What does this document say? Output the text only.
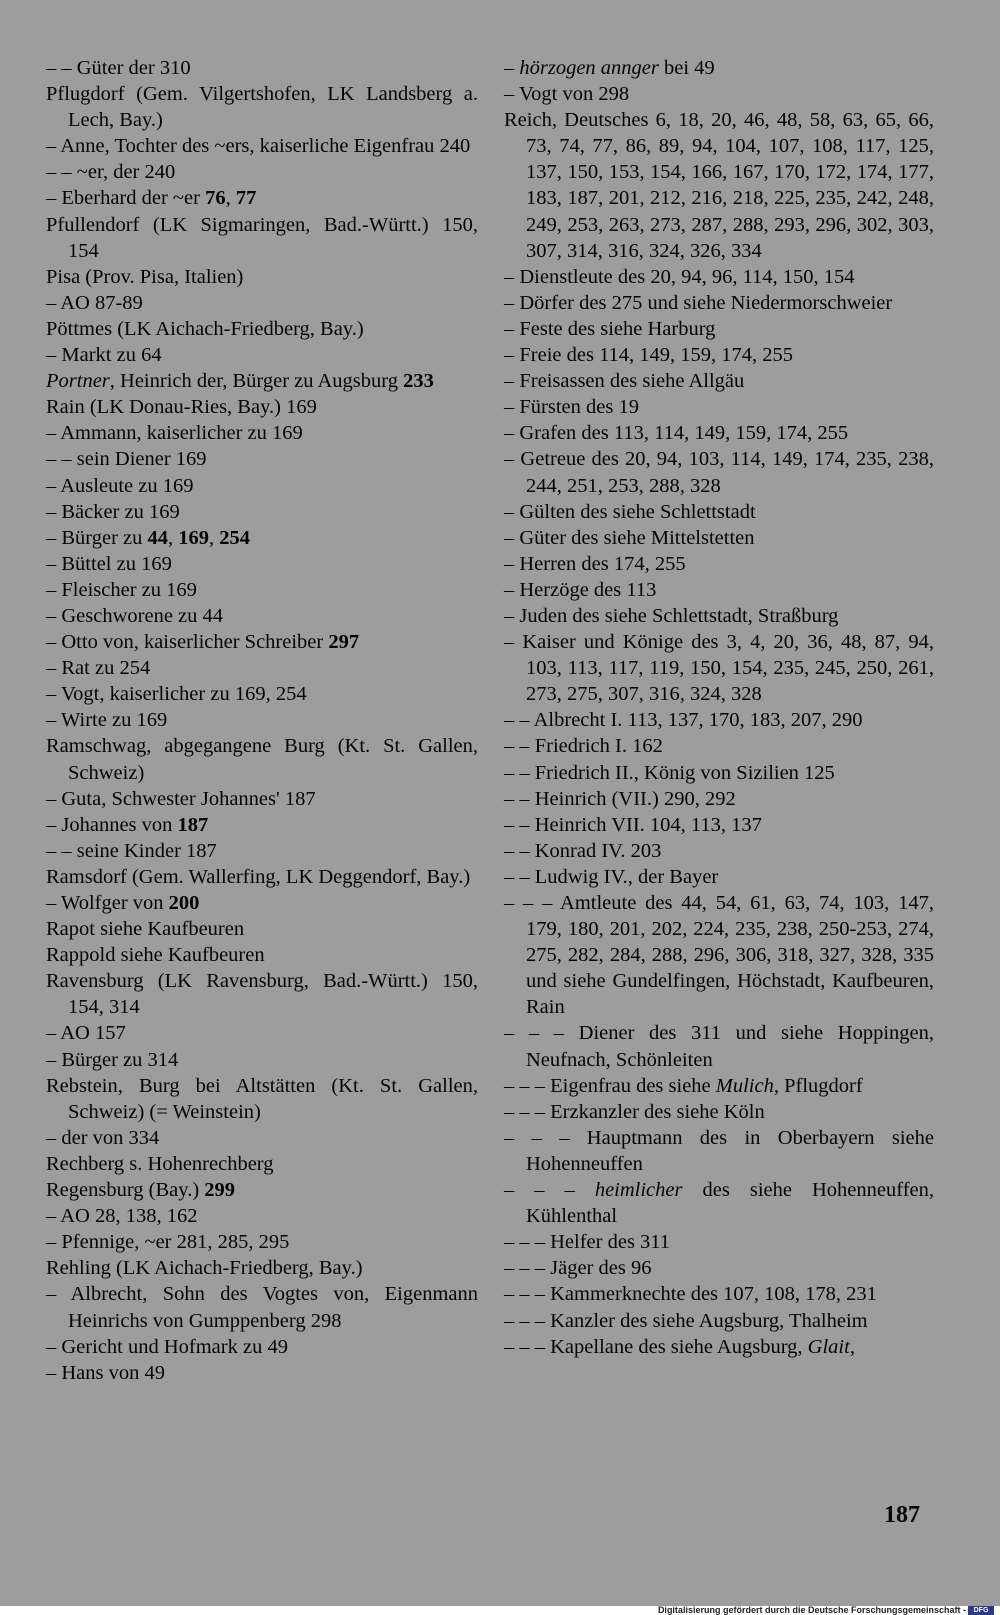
– – Güter der 310
Pflugdorf (Gem. Vilgertshofen, LK Landsberg a. Lech, Bay.)
– Anne, Tochter des ~ers, kaiserliche Eigenfrau 240
– – ~er, der 240
– Eberhard der ~er 76, 77
Pfullendorf (LK Sigmaringen, Bad.-Württ.) 150, 154
Pisa (Prov. Pisa, Italien)
– AO 87-89
Pöttmes (LK Aichach-Friedberg, Bay.)
– Markt zu 64
Portner, Heinrich der, Bürger zu Augsburg 233
Rain (LK Donau-Ries, Bay.) 169
– Ammann, kaiserlicher zu 169
– – sein Diener 169
– Ausleute zu 169
– Bäcker zu 169
– Bürger zu 44, 169, 254
– Büttel zu 169
– Fleischer zu 169
– Geschworene zu 44
– Otto von, kaiserlicher Schreiber 297
– Rat zu 254
– Vogt, kaiserlicher zu 169, 254
– Wirte zu 169
Ramschwag, abgegangene Burg (Kt. St. Gallen, Schweiz)
– Guta, Schwester Johannes' 187
– Johannes von 187
– – seine Kinder 187
Ramsdorf (Gem. Wallerfing, LK Deggendorf, Bay.)
– Wolfger von 200
Rapot siehe Kaufbeuren
Rappold siehe Kaufbeuren
Ravensburg (LK Ravensburg, Bad.-Württ.) 150, 154, 314
– AO 157
– Bürger zu 314
Rebstein, Burg bei Altstätten (Kt. St. Gallen, Schweiz) (= Weinstein)
– der von 334
Rechberg s. Hohenrechberg
Regensburg (Bay.) 299
– AO 28, 138, 162
– Pfennige, ~er 281, 285, 295
Rehling (LK Aichach-Friedberg, Bay.)
– Albrecht, Sohn des Vogtes von, Eigenmann Heinrichs von Gumppenberg 298
– Gericht und Hofmark zu 49
– Hans von 49
– hörzogen annger bei 49
– Vogt von 298
Reich, Deutsches 6, 18, 20, 46, 48, 58, 63, 65, 66, 73, 74, 77, 86, 89, 94, 104, 107, 108, 117, 125, 137, 150, 153, 154, 166, 167, 170, 172, 174, 177, 183, 187, 201, 212, 216, 218, 225, 235, 242, 248, 249, 253, 263, 273, 287, 288, 293, 296, 302, 303, 307, 314, 316, 324, 326, 334
– Dienstleute des 20, 94, 96, 114, 150, 154
– Dörfer des 275 und siehe Niedermorschweier
– Feste des siehe Harburg
– Freie des 114, 149, 159, 174, 255
– Freisassen des siehe Allgäu
– Fürsten des 19
– Grafen des 113, 114, 149, 159, 174, 255
– Getreue des 20, 94, 103, 114, 149, 174, 235, 238, 244, 251, 253, 288, 328
– Gülten des siehe Schlettstadt
– Güter des siehe Mittelstetten
– Herren des 174, 255
– Herzöge des 113
– Juden des siehe Schlettstadt, Straßburg
– Kaiser und Könige des 3, 4, 20, 36, 48, 87, 94, 103, 113, 117, 119, 150, 154, 235, 245, 250, 261, 273, 275, 307, 316, 324, 328
– – Albrecht I. 113, 137, 170, 183, 207, 290
– – Friedrich I. 162
– – Friedrich II., König von Sizilien 125
– – Heinrich (VII.) 290, 292
– – Heinrich VII. 104, 113, 137
– – Konrad IV. 203
– – Ludwig IV., der Bayer
– – – Amtleute des 44, 54, 61, 63, 74, 103, 147, 179, 180, 201, 202, 224, 235, 238, 250-253, 274, 275, 282, 284, 288, 296, 306, 318, 327, 328, 335 und siehe Gundelfingen, Höchstadt, Kaufbeuren, Rain
– – – Diener des 311 und siehe Hoppingen, Neufnach, Schönleiten
– – – Eigenfrau des siehe Mulich, Pflugdorf
– – – Erzkanzler des siehe Köln
– – – Hauptmann des in Oberbayern siehe Hohenneuffen
– – – heimlicher des siehe Hohenneuffen, Kühlenthal
– – – Helfer des 311
– – – Jäger des 96
– – – Kammerknechte des 107, 108, 178, 231
– – – Kanzler des siehe Augsburg, Thalheim
– – – Kapellane des siehe Augsburg, Glait,
187
Digitalisierung gefördert durch die Deutsche Forschungsgemeinschaft -	DFG
